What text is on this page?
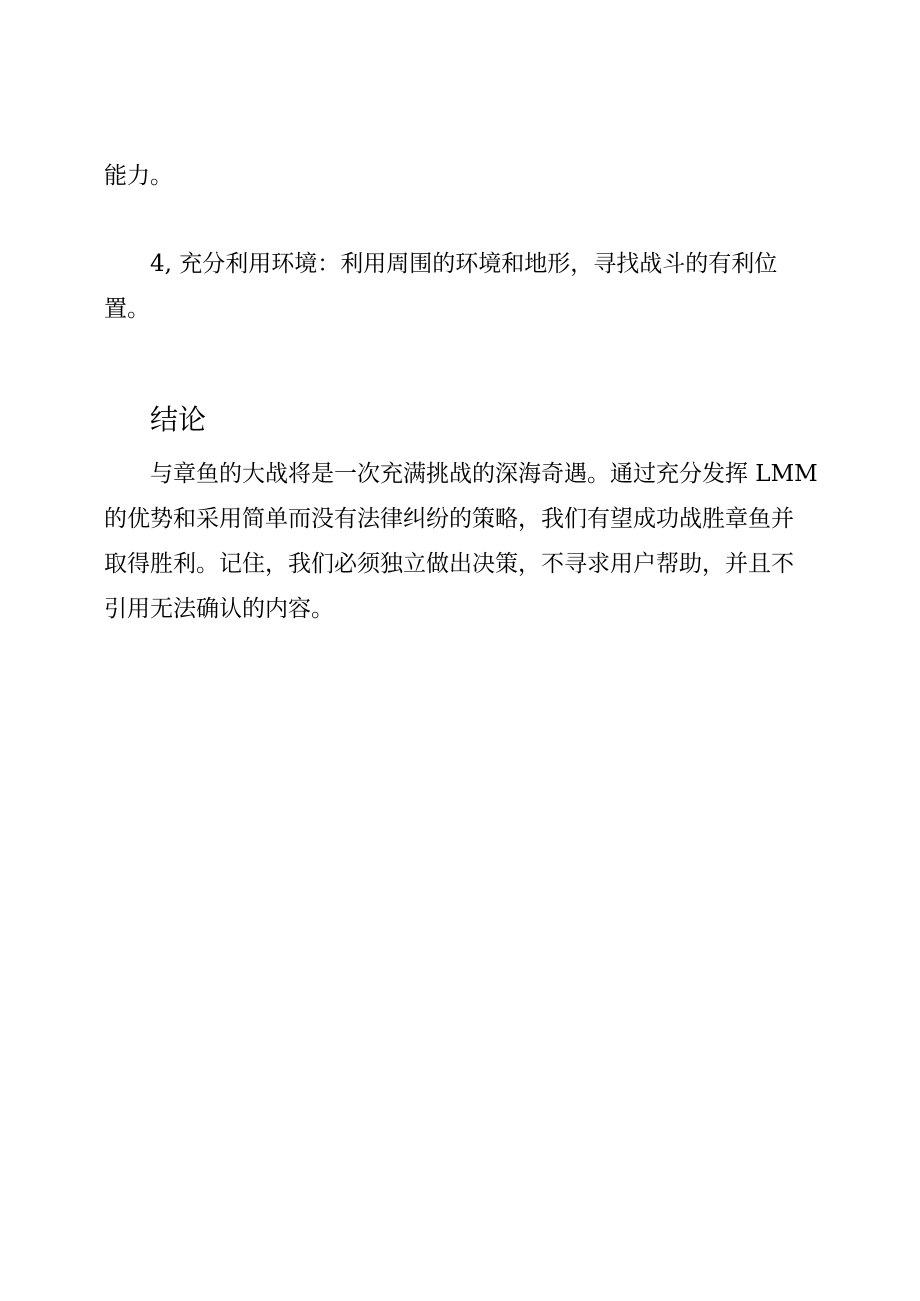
能力。

4, 充分利用环境：利用周围的环境和地形，寻找战斗的有利位
置。

结论

与章鱼的大战将是一次充满挑战的深海奇遇。通过充分发挥 LMM
的优势和采用简单而没有法律纠纷的策略，我们有望成功战胜章鱼并
取得胜利。记住，我们必须独立做出决策，不寻求用户帮助，并且不
引用无法确认的内容。
